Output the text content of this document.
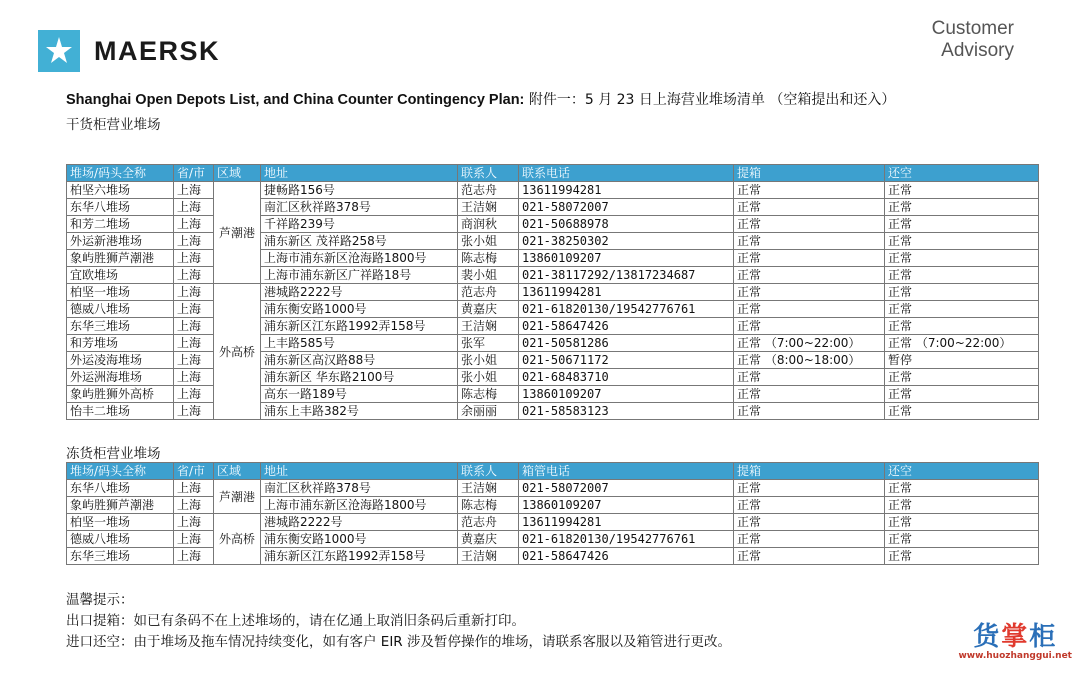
MAERSK
Customer
Advisory
Shanghai Open Depots List, and China Counter Contingency Plan: 附件一：5 月 23 日上海营业堆场清单 （空箱提出和还入）
干货柜营业堆场
堆场/码头全称	省/市	区域	地址	联系人	联系电话	提箱	还空
柏坚六堆场	上海	芦潮港	捷畅路156号	范志舟	13611994281	正常	正常
东华八堆场	上海		南汇区秋祥路378号	王洁娴	021-58072007	正常	正常
和芳二堆场	上海		千祥路239号	商润秋	021-50688978	正常	正常
外运新港堆场	上海		浦东新区 茂祥路258号	张小姐	021-38250302	正常	正常
象屿胜狮芦潮港	上海		上海市浦东新区沧海路1800号	陈志梅	13860109207	正常	正常
宜欧堆场	上海		上海市浦东新区广祥路18号	裴小姐	021-38117292/13817234687	正常	正常
柏坚一堆场	上海	外高桥	港城路2222号	范志舟	13611994281	正常	正常
德威八堆场	上海		浦东衡安路1000号	黄嘉庆	021-61820130/19542776761	正常	正常
东华三堆场	上海		浦东新区江东路1992弄158号	王洁娴	021-58647426	正常	正常
和芳堆场	上海		上丰路585号	张军	021-50581286	正常 （7:00~22:00）	正常 （7:00~22:00）
外运凌海堆场	上海		浦东新区高汉路88号	张小姐	021-50671172	正常 （8:00~18:00）	暂停
外运洲海堆场	上海		浦东新区 华东路2100号	张小姐	021-68483710	正常	正常
象屿胜狮外高桥	上海		高东一路189号	陈志梅	13860109207	正常	正常
怡丰二堆场	上海		浦东上丰路382号	余丽丽	021-58583123	正常	正常
冻货柜营业堆场
堆场/码头全称	省/市	区域	地址	联系人	箱管电话	提箱	还空
东华八堆场	上海	芦潮港	南汇区秋祥路378号	王洁娴	021-58072007	正常	正常
象屿胜狮芦潮港	上海		上海市浦东新区沧海路1800号	陈志梅	13860109207	正常	正常
柏坚一堆场	上海	外高桥	港城路2222号	范志舟	13611994281	正常	正常
德威八堆场	上海		浦东衡安路1000号	黄嘉庆	021-61820130/19542776761	正常	正常
东华三堆场	上海		浦东新区江东路1992弄158号	王洁娴	021-58647426	正常	正常
温馨提示：
出口提箱：如已有条码不在上述堆场的，请在亿通上取消旧条码后重新打印。
进口还空：由于堆场及拖车情况持续变化，如有客户 EIR 涉及暂停操作的堆场，请联系客服以及箱管进行更改。	货掌柜
www.huozhanggui.net
